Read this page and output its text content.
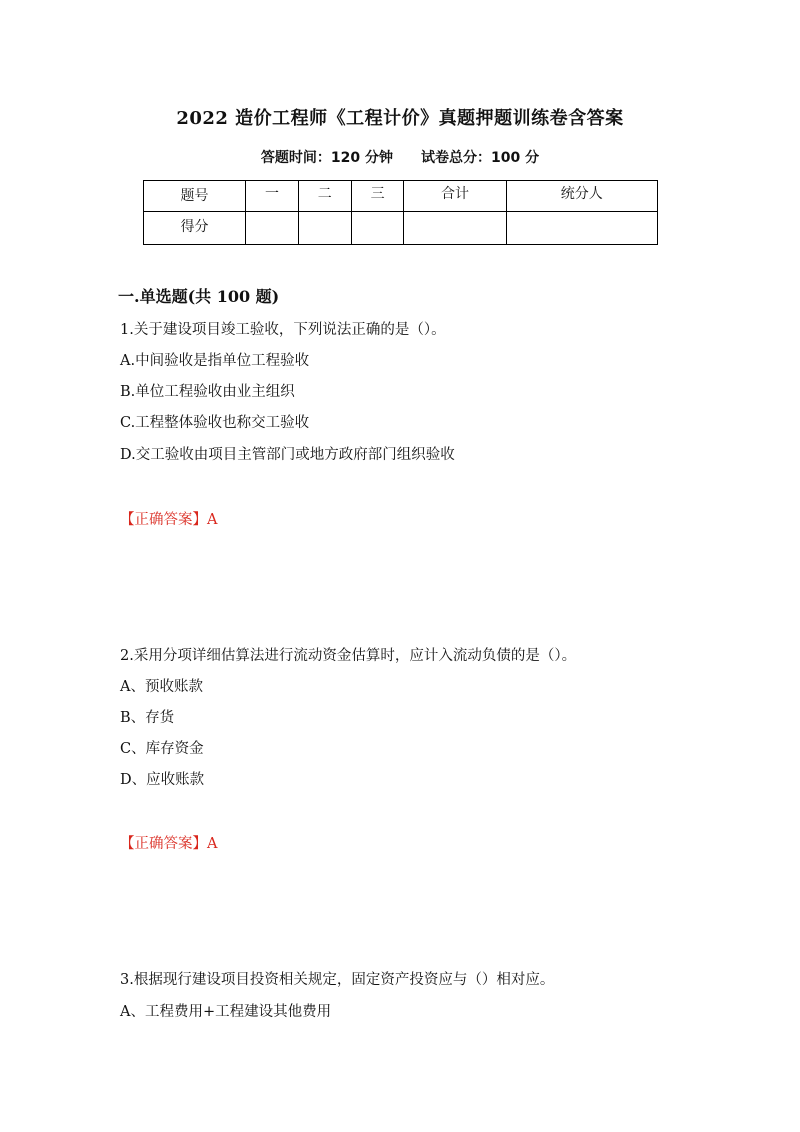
2022 造价工程师《工程计价》真题押题训练卷含答案
答题时间：120 分钟 试卷总分：100 分
题号	一	二	三	合计	统分人
得分					
一.单选题(共 100 题)
1.关于建设项目竣工验收，下列说法正确的是（）。
A.中间验收是指单位工程验收
B.单位工程验收由业主组织
C.工程整体验收也称交工验收
D.交工验收由项目主管部门或地方政府部门组织验收
【正确答案】A
2.采用分项详细估算法进行流动资金估算时，应计入流动负债的是（）。
A、预收账款
B、存货
C、库存资金
D、应收账款
【正确答案】A
3.根据现行建设项目投资相关规定，固定资产投资应与（）相对应。
A、工程费用+工程建设其他费用
